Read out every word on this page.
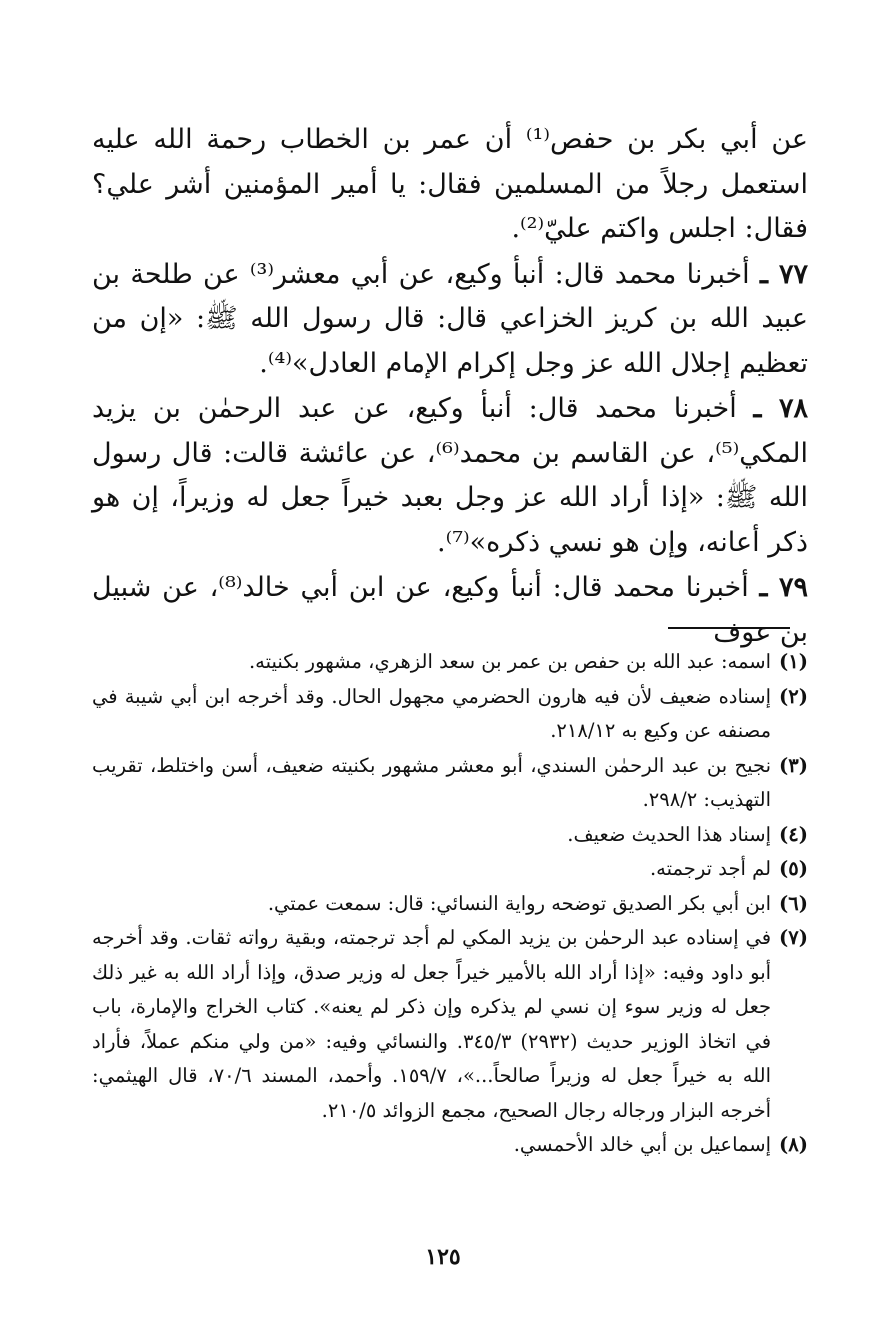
عن أبي بكر بن حفص⁽¹⁾ أن عمر بن الخطاب رحمة الله عليه استعمل رجلاً من المسلمين فقال: يا أمير المؤمنين أشر علي؟ فقال: اجلس واكتم عليّ⁽²⁾.

٧٧ ـ أخبرنا محمد قال: أنبأ وكيع، عن أبي معشر⁽³⁾ عن طلحة بن عبيد الله بن كريز الخزاعي قال: قال رسول الله ﷺ: «إن من تعظيم إجلال الله عز وجل إكرام الإمام العادل»⁽⁴⁾.

٧٨ ـ أخبرنا محمد قال: أنبأ وكيع، عن عبد الرحمٰن بن يزيد المكي⁽⁵⁾، عن القاسم بن محمد⁽⁶⁾، عن عائشة قالت: قال رسول الله ﷺ: «إذا أراد الله عز وجل بعبد خيراً جعل له وزيراً، إن هو ذكر أعانه، وإن هو نسي ذكره»⁽⁷⁾.

٧٩ ـ أخبرنا محمد قال: أنبأ وكيع، عن ابن أبي خالد⁽⁸⁾، عن شبيل بن عوف

(١)
اسمه: عبد الله بن حفص بن عمر بن سعد الزهري، مشهور بكنيته.
(٢)
إسناده ضعيف لأن فيه هارون الحضرمي مجهول الحال. وقد أخرجه ابن أبي شيبة في مصنفه عن وكيع به ٢١٨/١٢.
(٣)
نجيح بن عبد الرحمٰن السندي، أبو معشر مشهور بكنيته ضعيف، أسن واختلط، تقريب التهذيب: ٢٩٨/٢.
(٤)
إسناد هذا الحديث ضعيف.
(٥)
لم أجد ترجمته.
(٦)
ابن أبي بكر الصديق توضحه رواية النسائي: قال: سمعت عمتي.
(٧)
في إسناده عبد الرحمٰن بن يزيد المكي لم أجد ترجمته، وبقية رواته ثقات. وقد أخرجه أبو داود وفيه: «إذا أراد الله بالأمير خيراً جعل له وزير صدق، وإذا أراد الله به غير ذلك جعل له وزير سوء إن نسي لم يذكره وإن ذكر لم يعنه». كتاب الخراج والإمارة، باب في اتخاذ الوزير حديث (٢٩٣٢) ٣٤٥/٣. والنسائي وفيه: «من ولي منكم عملاً، فأراد الله به خيراً جعل له وزيراً صالحاً...»، ١٥٩/٧. وأحمد، المسند ٧٠/٦، قال الهيثمي: أخرجه البزار ورجاله رجال الصحيح، مجمع الزوائد ٢١٠/٥.
(٨)
إسماعيل بن أبي خالد الأحمسي.
١٢٥
